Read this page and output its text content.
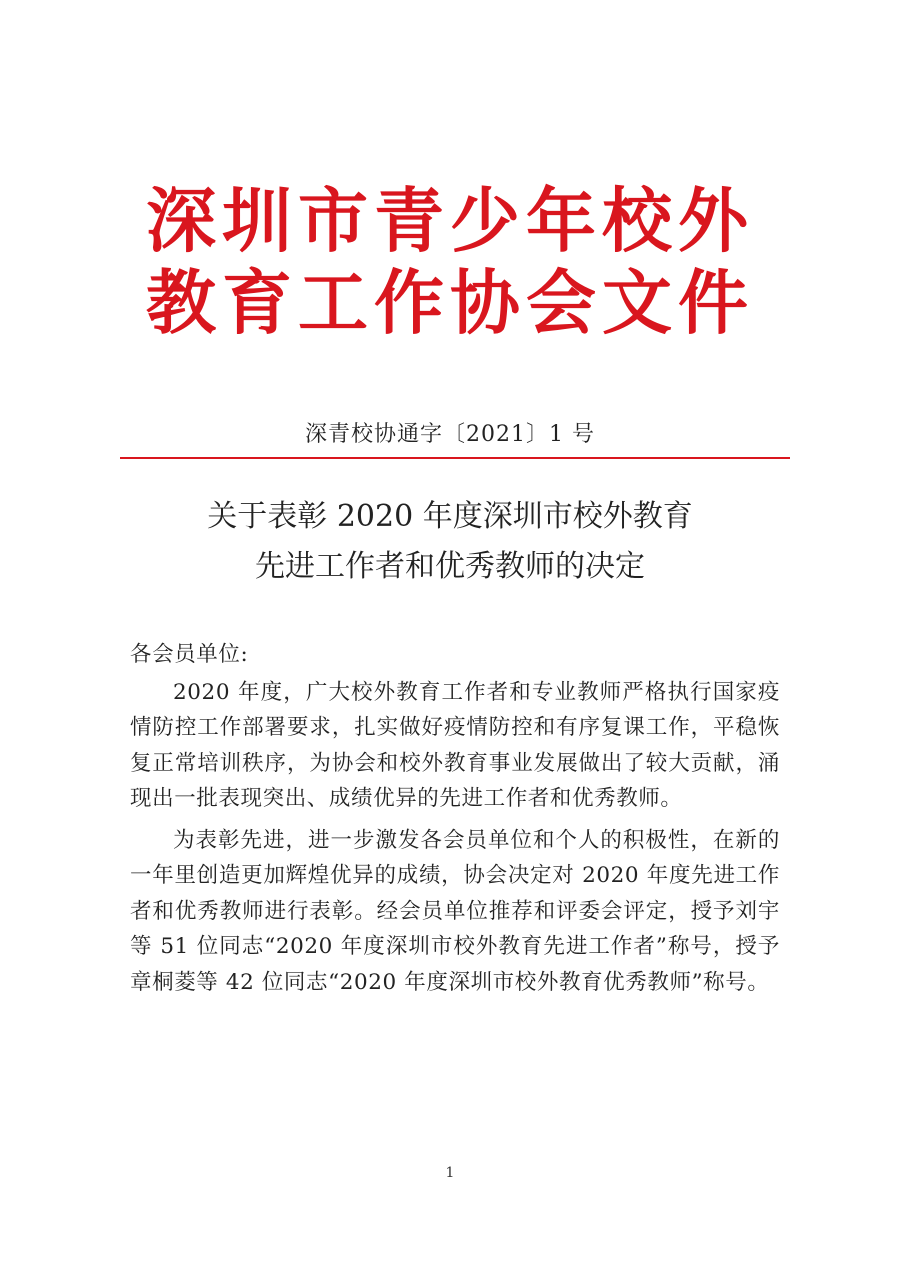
深圳市青少年校外
教育工作协会文件
深青校协通字〔2021〕1 号
关于表彰 2020 年度深圳市校外教育
先进工作者和优秀教师的决定

各会员单位:

2020 年度，广大校外教育工作者和专业教师严格执行国家疫情防控工作部署要求，扎实做好疫情防控和有序复课工作，平稳恢复正常培训秩序，为协会和校外教育事业发展做出了较大贡献，涌现出一批表现突出、成绩优异的先进工作者和优秀教师。

为表彰先进，进一步激发各会员单位和个人的积极性，在新的一年里创造更加辉煌优异的成绩，协会决定对 2020 年度先进工作者和优秀教师进行表彰。经会员单位推荐和评委会评定，授予刘宇等 51 位同志“2020 年度深圳市校外教育先进工作者”称号，授予章桐菱等 42 位同志“2020 年度深圳市校外教育优秀教师”称号。

1
